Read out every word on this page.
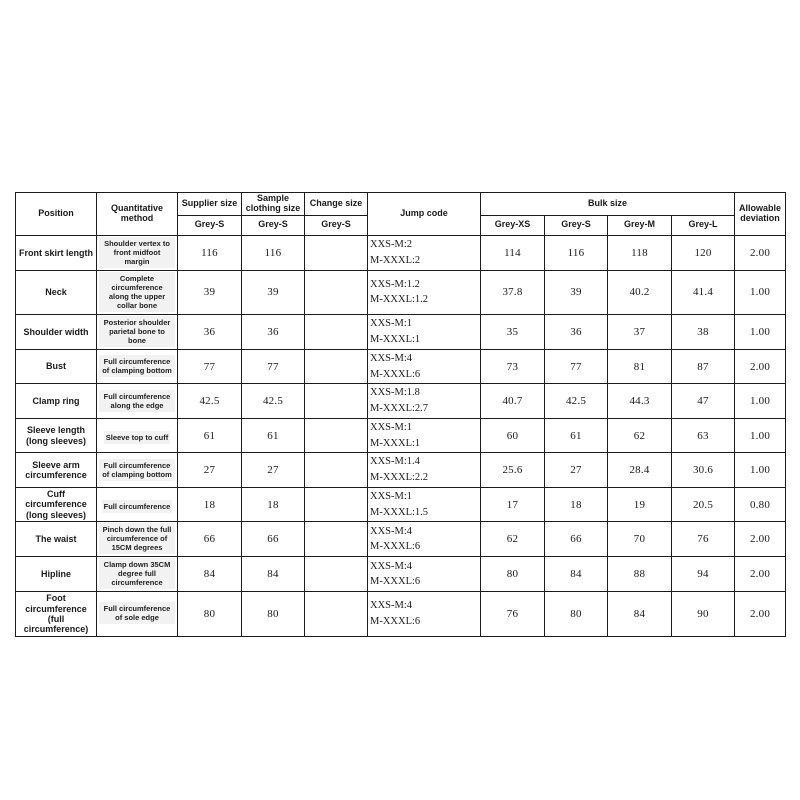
Position	Quantitative method	Supplier size	Sample clothing size	Change size	Jump code	Bulk size				Allowable deviation
		Grey-S	Grey-S	Grey-S		Grey-XS	Grey-S	Grey-M	Grey-L	
Front skirt length	Shoulder vertex to front midfoot margin	116	116		XXS-M:2
M-XXXL:2	114	116	118	120	2.00
Neck	Complete circumference along the upper collar bone	39	39		XXS-M:1.2
M-XXXL:1.2	37.8	39	40.2	41.4	1.00
Shoulder width	Posterior shoulder parietal bone to bone	36	36		XXS-M:1
M-XXXL:1	35	36	37	38	1.00
Bust	Full circumference of clamping bottom	77	77		XXS-M:4
M-XXXL:6	73	77	81	87	2.00
Clamp ring	Full circumference along the edge	42.5	42.5		XXS-M:1.8
M-XXXL:2.7	40.7	42.5	44.3	47	1.00
Sleeve length (long sleeves)	Sleeve top to cuff	61	61		XXS-M:1
M-XXXL:1	60	61	62	63	1.00
Sleeve arm circumference	Full circumference of clamping bottom	27	27		XXS-M:1.4
M-XXXL:2.2	25.6	27	28.4	30.6	1.00
Cuff circumference (long sleeves)	Full circumference	18	18		XXS-M:1
M-XXXL:1.5	17	18	19	20.5	0.80
The waist	Pinch down the full circumference of 15CM degrees	66	66		XXS-M:4
M-XXXL:6	62	66	70	76	2.00
Hipline	Clamp down 35CM degree full circumference	84	84		XXS-M:4
M-XXXL:6	80	84	88	94	2.00
Foot circumference (full circumference)	Full circumference of sole edge	80	80		XXS-M:4
M-XXXL:6	76	80	84	90	2.00
